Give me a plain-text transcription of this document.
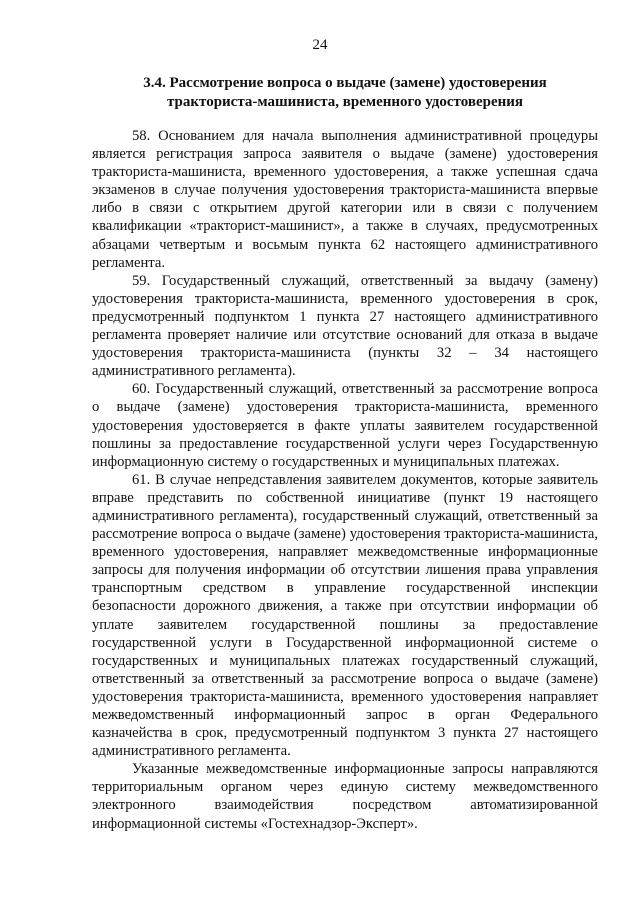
24
3.4. Рассмотрение вопроса о выдаче (замене) удостоверения
тракториста-машиниста, временного удостоверения

58. Основанием для начала выполнения административной процедуры является регистрация запроса заявителя о выдаче (замене) удостоверения тракториста-машиниста, временного удостоверения, а также успешная сдача экзаменов в случае получения удостоверения тракториста-машиниста впервые либо в связи с открытием другой категории или в связи с получением квалификации «тракторист-машинист», а также в случаях, предусмотренных абзацами четвертым и восьмым пункта 62 настоящего административного регламента.

59. Государственный служащий, ответственный за выдачу (замену) удостоверения тракториста-машиниста, временного удостоверения в срок, предусмотренный подпунктом 1 пункта 27 настоящего административного регламента проверяет наличие или отсутствие оснований для отказа в выдаче удостоверения тракториста-машиниста (пункты 32 – 34 настоящего административного регламента).

60. Государственный служащий, ответственный за рассмотрение вопроса о выдаче (замене) удостоверения тракториста-машиниста, временного удостоверения удостоверяется в факте уплаты заявителем государственной пошлины за предоставление государственной услуги через Государственную информационную систему о государственных и муниципальных платежах.

61. В случае непредставления заявителем документов, которые заявитель вправе представить по собственной инициативе (пункт 19 настоящего административного регламента), государственный служащий, ответственный за рассмотрение вопроса о выдаче (замене) удостоверения тракториста-машиниста, временного удостоверения, направляет межведомственные информационные запросы для получения информации об отсутствии лишения права управления транспортным средством в управление государственной инспекции безопасности дорожного движения, а также при отсутствии информации об уплате заявителем государственной пошлины за предоставление государственной услуги в Государственной информационной системе о государственных и муниципальных платежах государственный служащий, ответственный за ответственный за рассмотрение вопроса о выдаче (замене) удостоверения тракториста-машиниста, временного удостоверения направляет межведомственный информационный запрос в орган Федерального казначейства в срок, предусмотренный подпунктом 3 пункта 27 настоящего административного регламента.

Указанные межведомственные информационные запросы направляются территориальным органом через единую систему межведомственного электронного взаимодействия посредством автоматизированной информационной системы «Гостехнадзор-Эксперт».
